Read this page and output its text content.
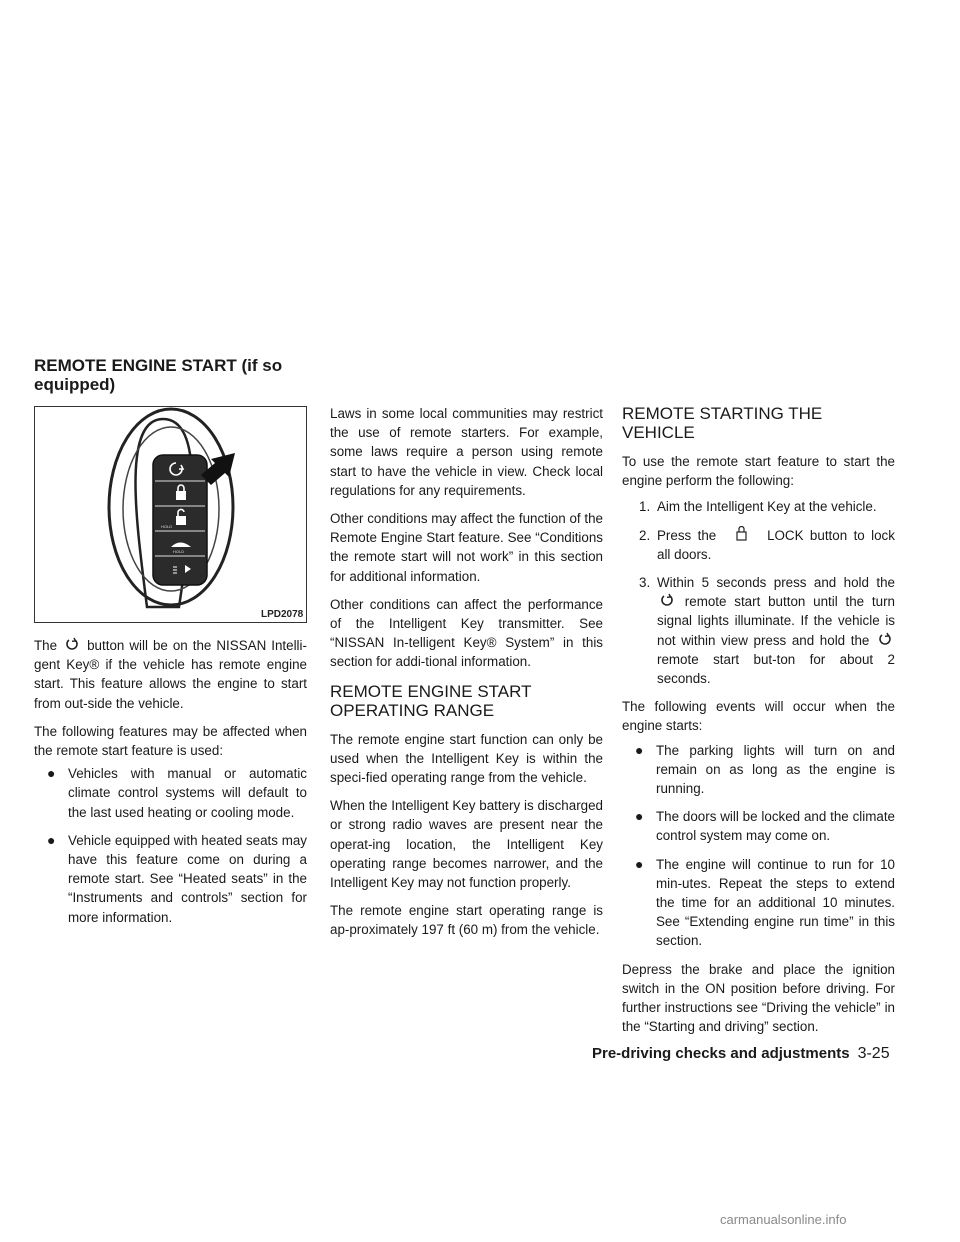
REMOTE ENGINE START (if so equipped)
HOLD
HOLD
LPD2078

The button will be on the NISSAN Intelli-gent Key® if the vehicle has remote engine start. This feature allows the engine to start from out-side the vehicle.

The following features may be affected when the remote start feature is used:

● Vehicles with manual or automatic climate control systems will default to the last used heating or cooling mode.
● Vehicle equipped with heated seats may have this feature come on during a remote start. See “Heated seats” in the “Instruments and controls” section for more information.

Laws in some local communities may restrict the use of remote starters. For example, some laws require a person using remote start to have the vehicle in view. Check local regulations for any requirements.

Other conditions may affect the function of the Remote Engine Start feature. See “Conditions the remote start will not work” in this section for additional information.

Other conditions can affect the performance of the Intelligent Key transmitter. See “NISSAN In-telligent Key® System” in this section for addi-tional information.

REMOTE ENGINE START
OPERATING RANGE

The remote engine start function can only be used when the Intelligent Key is within the speci-fied operating range from the vehicle.

When the Intelligent Key battery is discharged or strong radio waves are present near the operat-ing location, the Intelligent Key operating range becomes narrower, and the Intelligent Key may not function properly.

The remote engine start operating range is ap-proximately 197 ft (60 m) from the vehicle.

REMOTE STARTING THE VEHICLE

To use the remote start feature to start the engine perform the following:

1. Aim the Intelligent Key at the vehicle.
2. Press the	LOCK button to lock all doors.
3. Within 5 seconds press and hold the  remote start button until the turn signal lights illuminate. If the vehicle is not within view press and hold the  remote start but-ton for about 2 seconds.

The following events will occur when the engine starts:

● The parking lights will turn on and remain on as long as the engine is running.
● The doors will be locked and the climate control system may come on.
● The engine will continue to run for 10 min-utes. Repeat the steps to extend the time for an additional 10 minutes. See “Extending engine run time” in this section.

Depress the brake and place the ignition switch in the ON position before driving. For further instructions see “Driving the vehicle” in the “Starting and driving” section.

Pre-driving checks and adjustments 3-25
carmanualsonline.info
